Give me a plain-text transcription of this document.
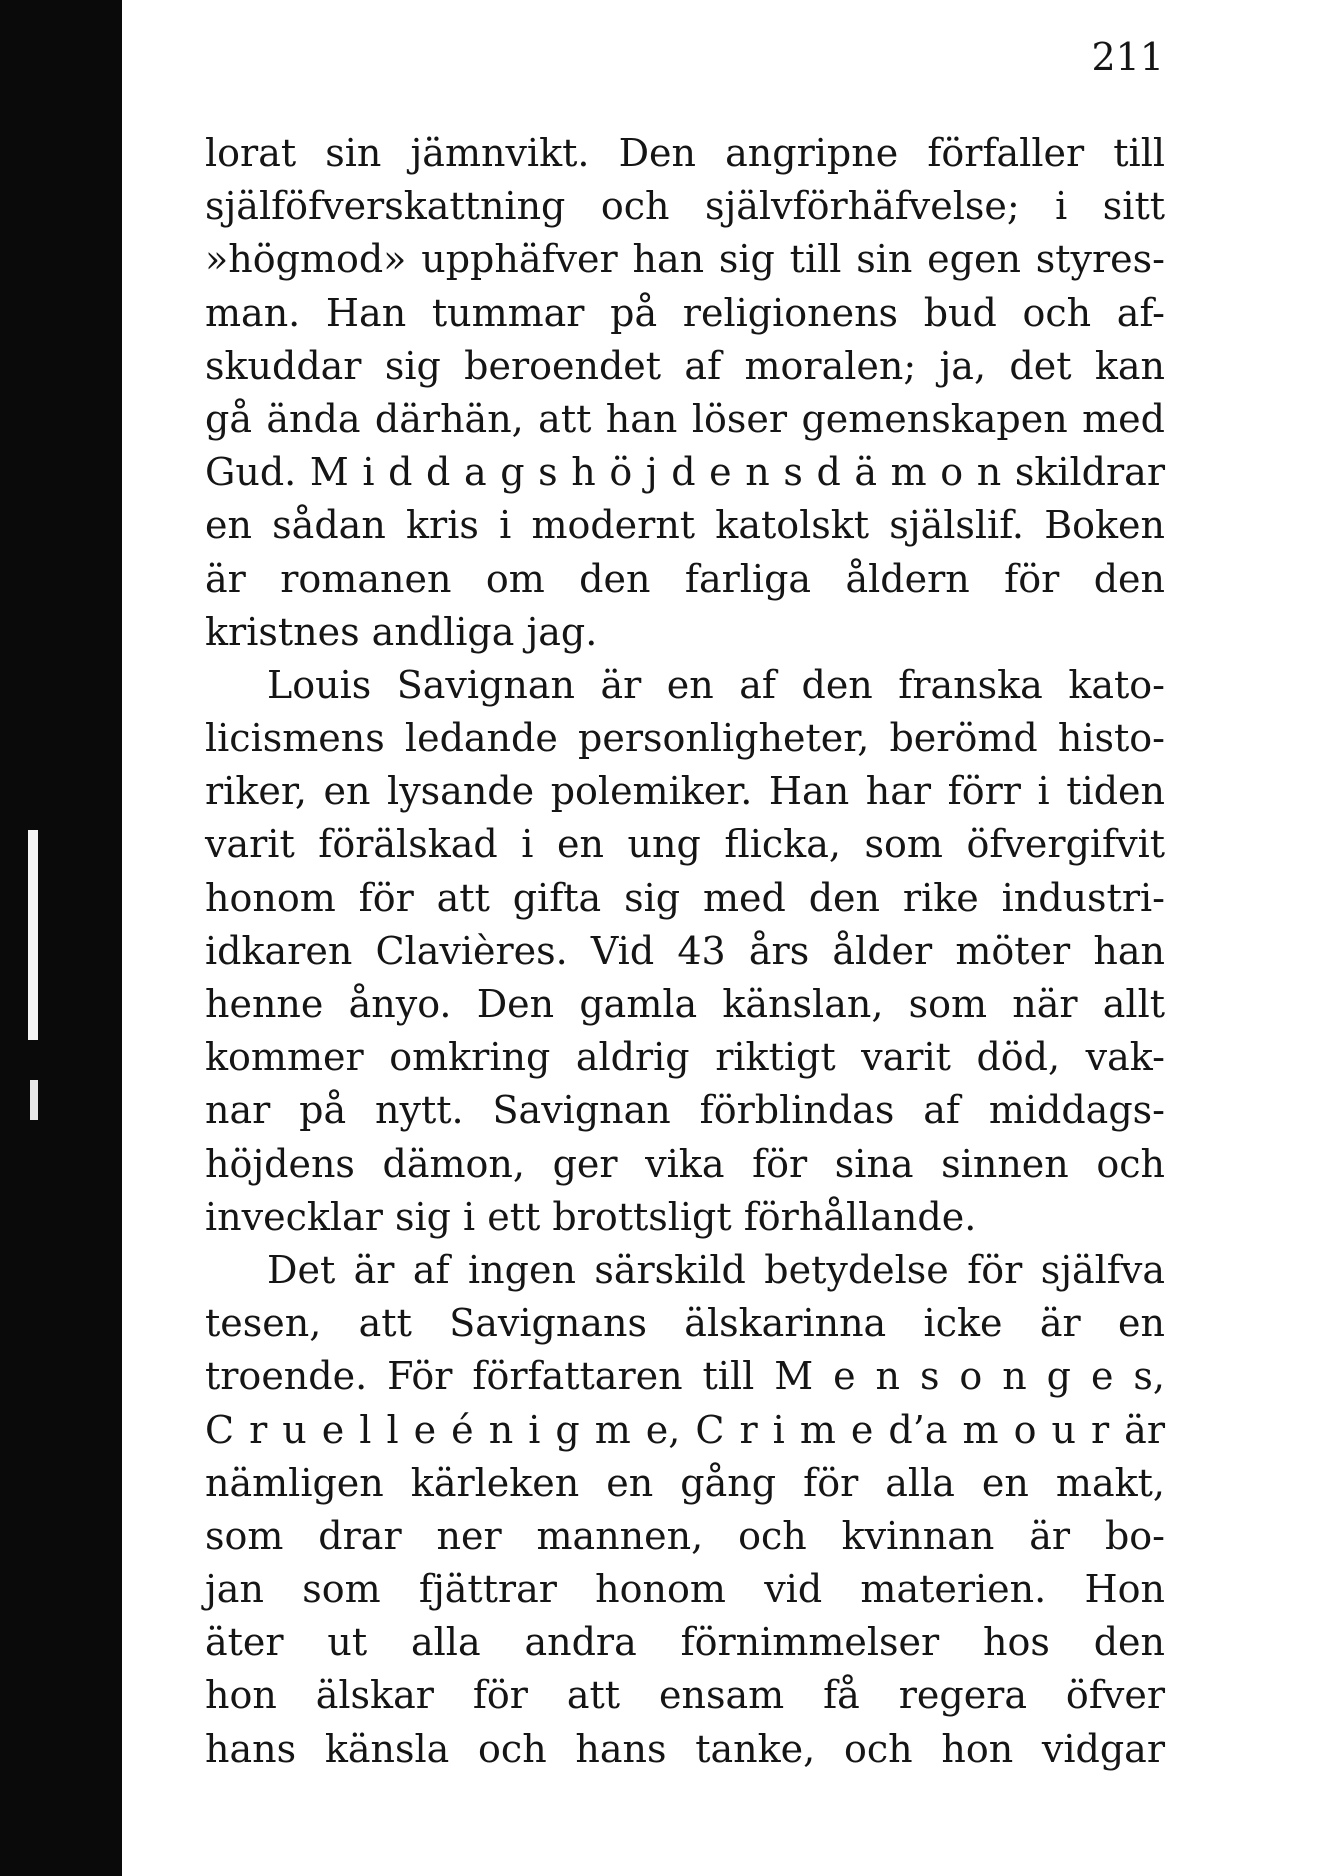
211
lorat sin jämnvikt. Den angripne förfaller till
själföfverskattning och självförhäfvelse; i sitt
»högmod» upphäfver han sig till sin egen styres-
man. Han tummar på religionens bud och af-
skuddar sig beroendet af moralen; ja, det kan
gå ända därhän, att han löser gemenskapen med
Gud. M i d d a g s h ö j d e n s d ä m o n skildrar
en sådan kris i modernt katolskt själslif. Boken
är romanen om den farliga åldern för den
kristnes andliga jag.
Louis Savignan är en af den franska kato-
licismens ledande personligheter, berömd histo-
riker, en lysande polemiker. Han har förr i tiden
varit förälskad i en ung flicka, som öfvergifvit
honom för att gifta sig med den rike industri-
idkaren Clavières. Vid 43 års ålder möter han
henne ånyo. Den gamla känslan, som när allt
kommer omkring aldrig riktigt varit död, vak-
nar på nytt. Savignan förblindas af middags-
höjdens dämon, ger vika för sina sinnen och
invecklar sig i ett brottsligt förhållande.
Det är af ingen särskild betydelse för själfva
tesen, att Savignans älskarinna icke är en
troende. För författaren till M e n s o n g e s,
C r u e l l e é n i g m e, C r i m e d’a m o u r är
nämligen kärleken en gång för alla en makt,
som drar ner mannen, och kvinnan är bo-
jan som fjättrar honom vid materien. Hon
äter ut alla andra förnimmelser hos den
hon älskar för att ensam få regera öfver
hans känsla och hans tanke, och hon vidgar
